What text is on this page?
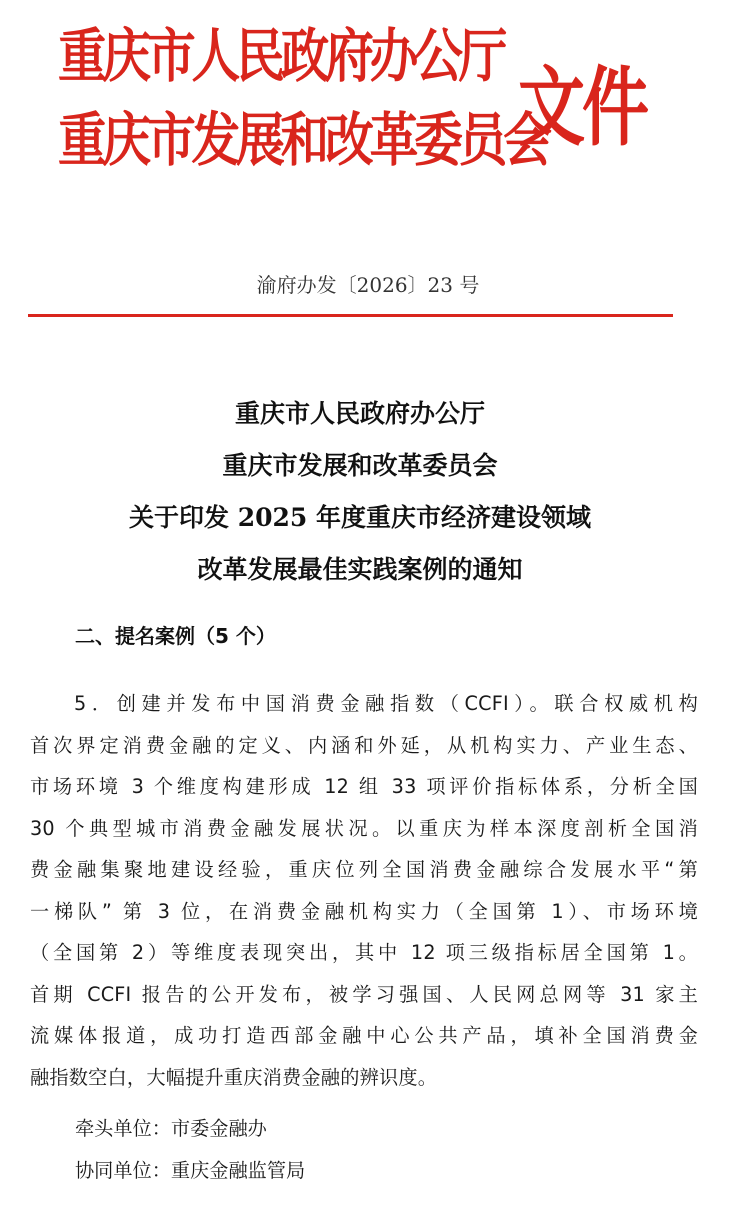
重庆市人民政府办公厅
重庆市发展和改革委员会
文件
渝府办发〔2026〕23 号
重庆市人民政府办公厅
重庆市发展和改革委员会
关于印发 2025 年度重庆市经济建设领域
改革发展最佳实践案例的通知
二、提名案例（5 个）
5．创建并发布中国消费金融指数（CCFI）。联合权威机构
首次界定消费金融的定义、内涵和外延，从机构实力、产业生态、
市场环境 3 个维度构建形成 12 组 33 项评价指标体系，分析全国
30 个典型城市消费金融发展状况。以重庆为样本深度剖析全国消
费金融集聚地建设经验，重庆位列全国消费金融综合发展水平“第
一梯队” 第 3 位，在消费金融机构实力（全国第 1）、市场环境
（全国第 2）等维度表现突出，其中 12 项三级指标居全国第 1。
首期 CCFI 报告的公开发布，被学习强国、人民网总网等 31 家主
流媒体报道，成功打造西部金融中心公共产品，填补全国消费金
融指数空白，大幅提升重庆消费金融的辨识度。
牵头单位：市委金融办
协同单位：重庆金融监管局
